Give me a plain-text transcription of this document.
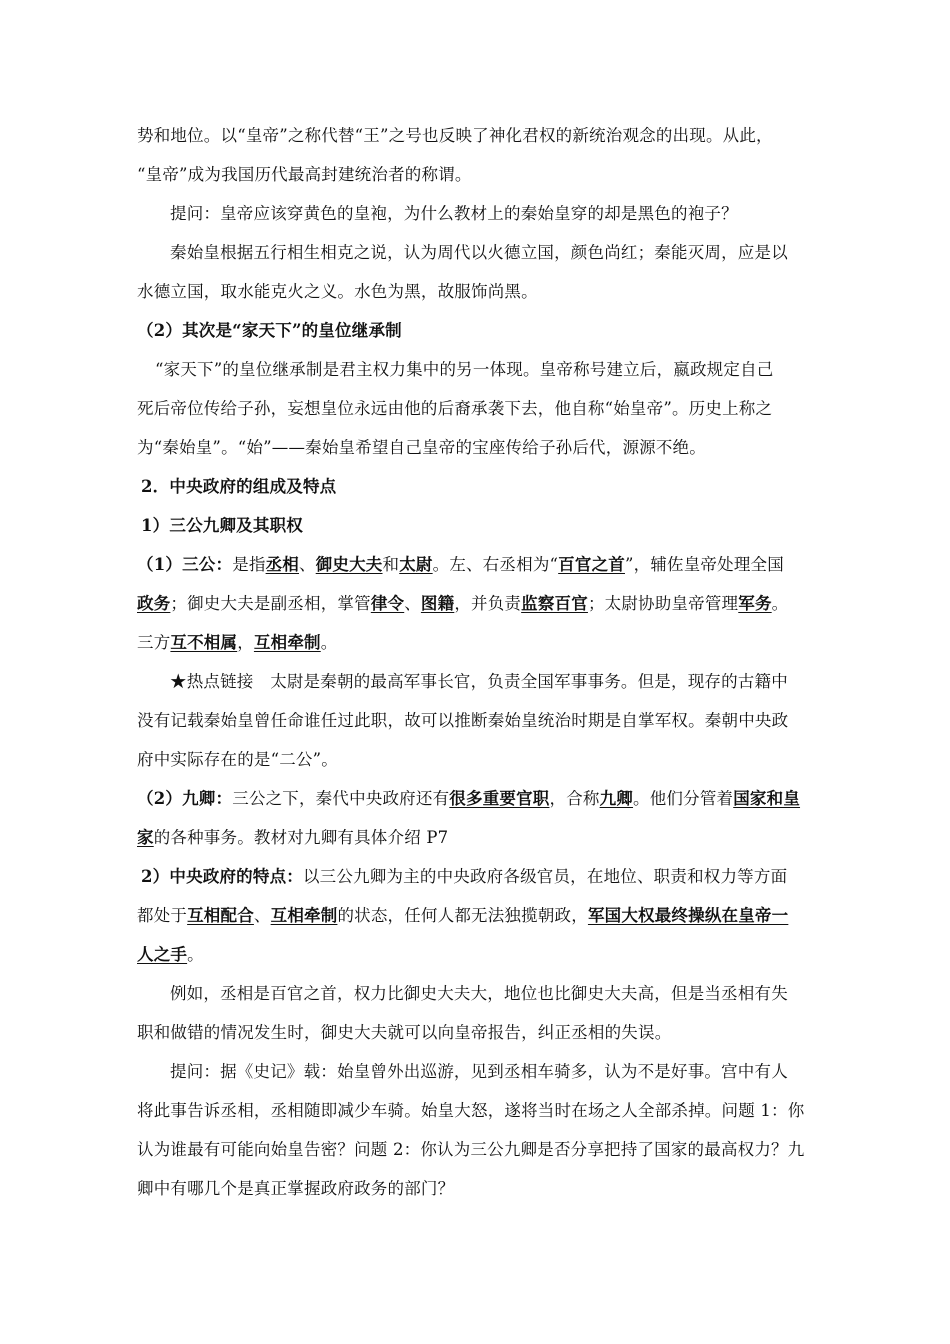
势和地位。以“皇帝”之称代替“王”之号也反映了神化君权的新统治观念的出现。从此，
“皇帝”成为我国历代最高封建统治者的称谓。
提问：皇帝应该穿黄色的皇袍，为什么教材上的秦始皇穿的却是黑色的袍子？
秦始皇根据五行相生相克之说，认为周代以火德立国，颜色尚红；秦能灭周，应是以
水德立国，取水能克火之义。水色为黑，故服饰尚黑。
（2）其次是“家天下”的皇位继承制
“家天下”的皇位继承制是君主权力集中的另一体现。皇帝称号建立后，嬴政规定自己
死后帝位传给子孙，妄想皇位永远由他的后裔承袭下去，他自称“始皇帝”。历史上称之
为“秦始皇”。“始”——秦始皇希望自己皇帝的宝座传给子孙后代，源源不绝。
2．中央政府的组成及特点
1）三公九卿及其职权
（1）三公：是指丞相、御史大夫和太尉。左、右丞相为“百官之首”，辅佐皇帝处理全国
政务；御史大夫是副丞相，掌管律令、图籍，并负责监察百官；太尉协助皇帝管理军务。
三方互不相属，互相牵制。
★热点链接　太尉是秦朝的最高军事长官，负责全国军事事务。但是，现存的古籍中
没有记载秦始皇曾任命谁任过此职，故可以推断秦始皇统治时期是自掌军权。秦朝中央政
府中实际存在的是“二公”。
（2）九卿：三公之下，秦代中央政府还有很多重要官职，合称九卿。他们分管着国家和皇
家的各种事务。教材对九卿有具体介绍 P7
2）中央政府的特点：以三公九卿为主的中央政府各级官员，在地位、职责和权力等方面
都处于互相配合、互相牵制的状态，任何人都无法独揽朝政，军国大权最终操纵在皇帝一
人之手。
例如，丞相是百官之首，权力比御史大夫大，地位也比御史大夫高，但是当丞相有失
职和做错的情况发生时，御史大夫就可以向皇帝报告，纠正丞相的失误。
提问：据《史记》载：始皇曾外出巡游，见到丞相车骑多，认为不是好事。宫中有人
将此事告诉丞相，丞相随即减少车骑。始皇大怒，遂将当时在场之人全部杀掉。问题 1：你
认为谁最有可能向始皇告密？问题 2：你认为三公九卿是否分享把持了国家的最高权力？九
卿中有哪几个是真正掌握政府政务的部门？
